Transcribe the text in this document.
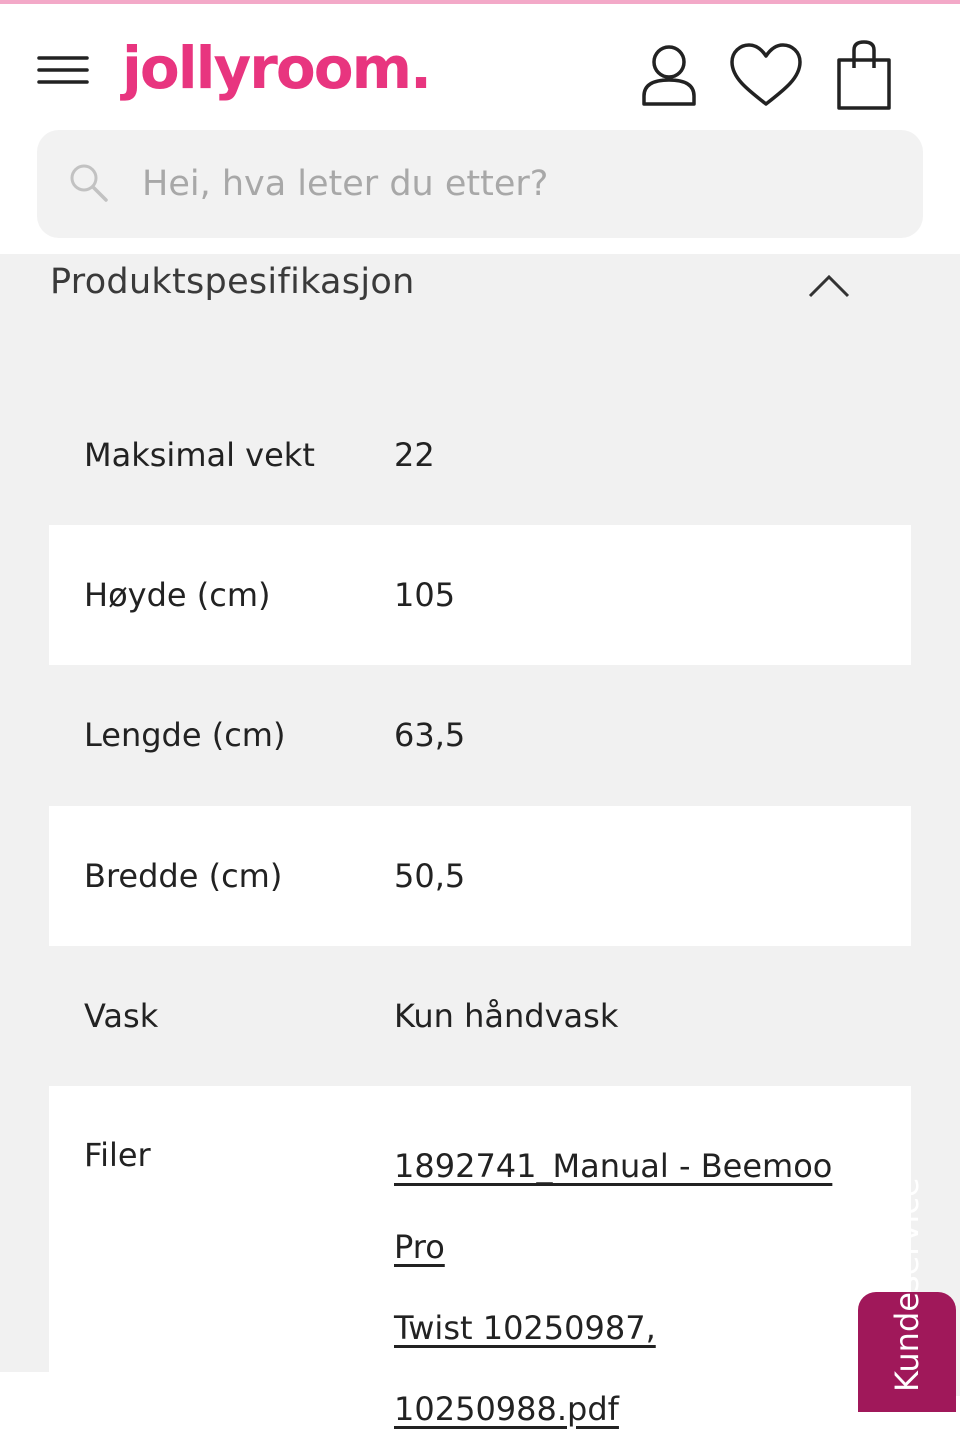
jollyroom.
Hei, hva leter du etter?
Produktspesifikasjon
Maksimal vekt 22
Høyde (cm)	105
Lengde (cm)	63,5
Bredde (cm)	50,5
Vask	Kun håndvask
Filer	1892741_Manual - Beemoo Pro
Twist 10250987,
10250988.pdf
Kundeservice
